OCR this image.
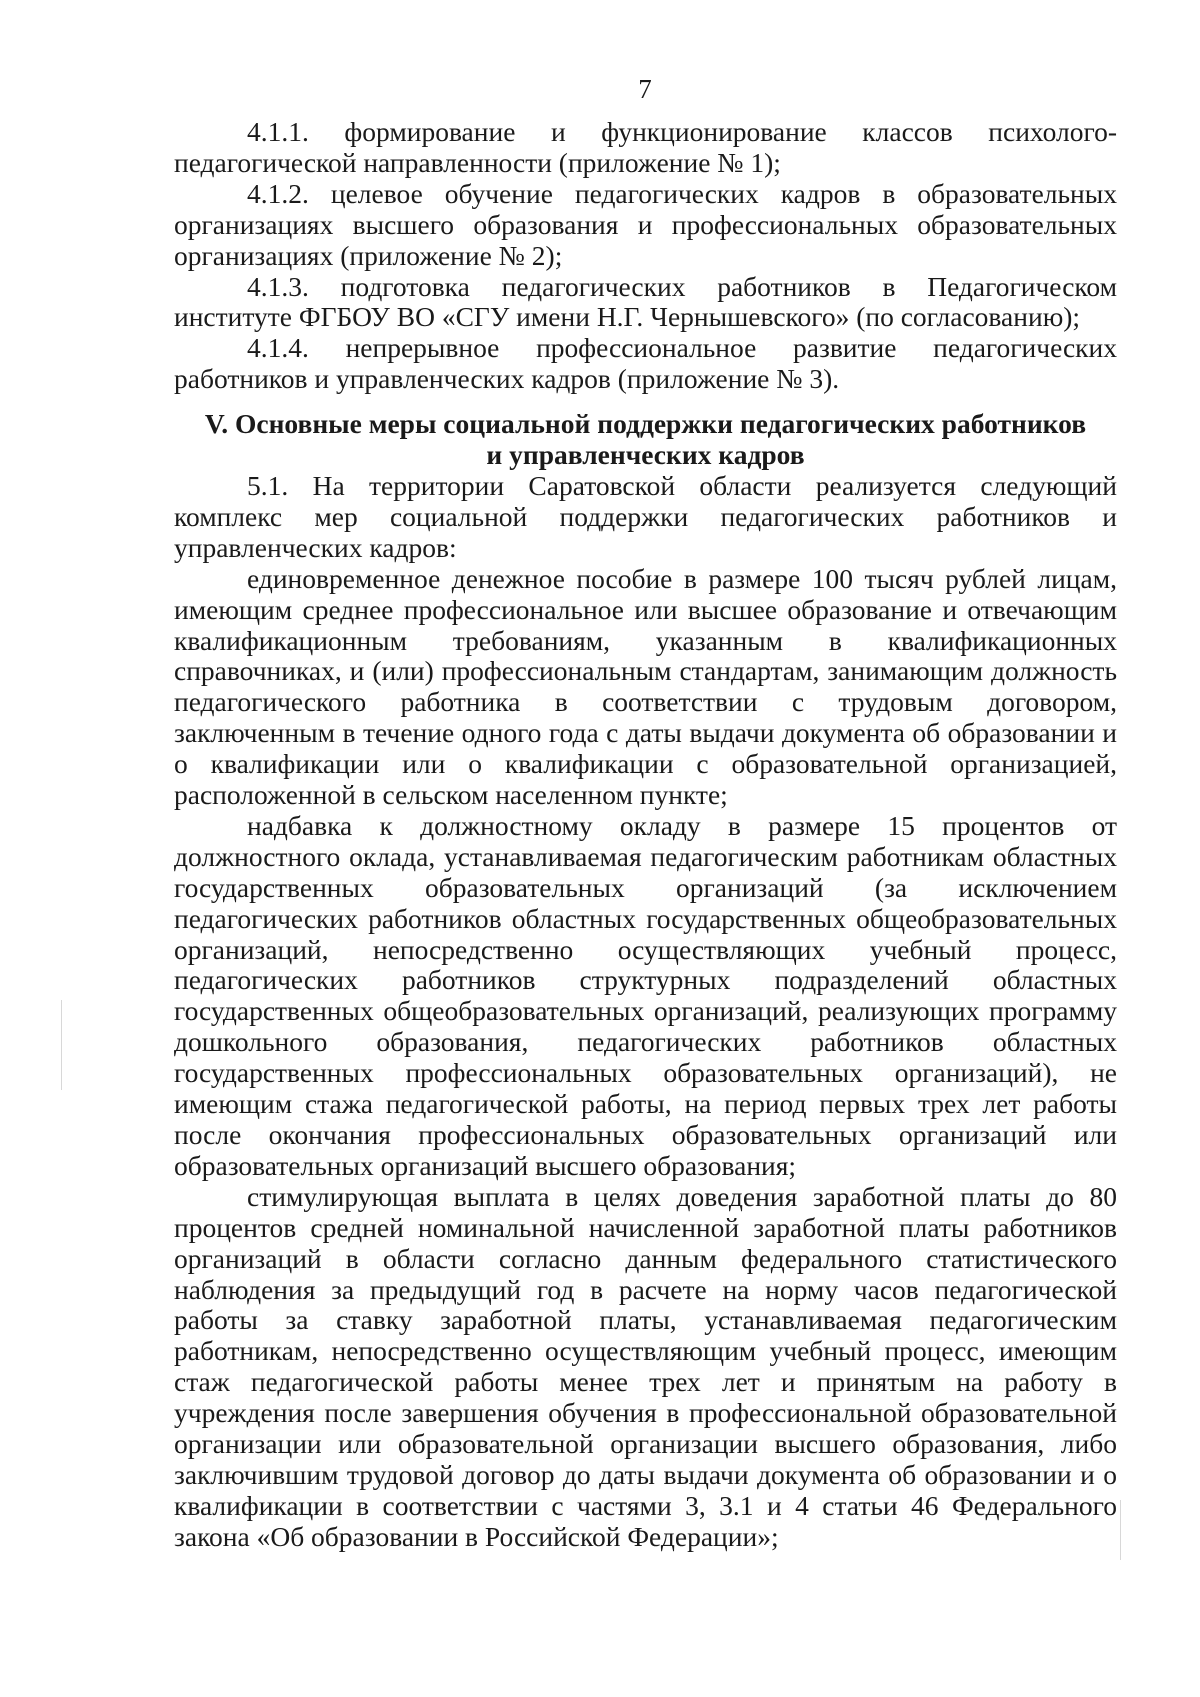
7

4.1.1. формирование и функционирование классов психолого-педагогической направленности (приложение № 1);

4.1.2. целевое обучение педагогических кадров в образовательных организациях высшего образования и профессиональных образовательных организациях (приложение № 2);

4.1.3. подготовка педагогических работников в Педагогическом институте ФГБОУ ВО «СГУ имени Н.Г. Чернышевского» (по согласованию);

4.1.4. непрерывное профессиональное развитие педагогических работников и управленческих кадров (приложение № 3).

V. Основные меры социальной поддержки педагогических работников
и управленческих кадров

5.1. На территории Саратовской области реализуется следующий комплекс мер социальной поддержки педагогических работников и управленческих кадров:

единовременное денежное пособие в размере 100 тысяч рублей лицам, имеющим среднее профессиональное или высшее образование и отвечающим квалификационным требованиям, указанным в квалификационных справочниках, и (или) профессиональным стандартам, занимающим должность педагогического работника в соответствии с трудовым договором, заключенным в течение одного года с даты выдачи документа об образовании и о квалификации или о квалификации с образовательной организацией, расположенной в сельском населенном пункте;

надбавка к должностному окладу в размере 15 процентов от должностного оклада, устанавливаемая педагогическим работникам областных государственных образовательных организаций (за исключением педагогических работников областных государственных общеобразовательных организаций, непосредственно осуществляющих учебный процесс, педагогических работников структурных подразделений областных государственных общеобразовательных организаций, реализующих программу дошкольного образования, педагогических работников областных государственных профессиональных образовательных организаций), не имеющим стажа педагогической работы, на период первых трех лет работы после окончания профессиональных образовательных организаций или образовательных организаций высшего образования;

стимулирующая выплата в целях доведения заработной платы до 80 процентов средней номинальной начисленной заработной платы работников организаций в области согласно данным федерального статистического наблюдения за предыдущий год в расчете на норму часов педагогической работы за ставку заработной платы, устанавливаемая педагогическим работникам, непосредственно осуществляющим учебный процесс, имеющим стаж педагогической работы менее трех лет и принятым на работу в учреждения после завершения обучения в профессиональной образовательной организации или образовательной организации высшего образования, либо заключившим трудовой договор до даты выдачи документа об образовании и о квалификации в соответствии с частями 3, 3.1 и 4 статьи 46 Федерального закона «Об образовании в Российской Федерации»;
